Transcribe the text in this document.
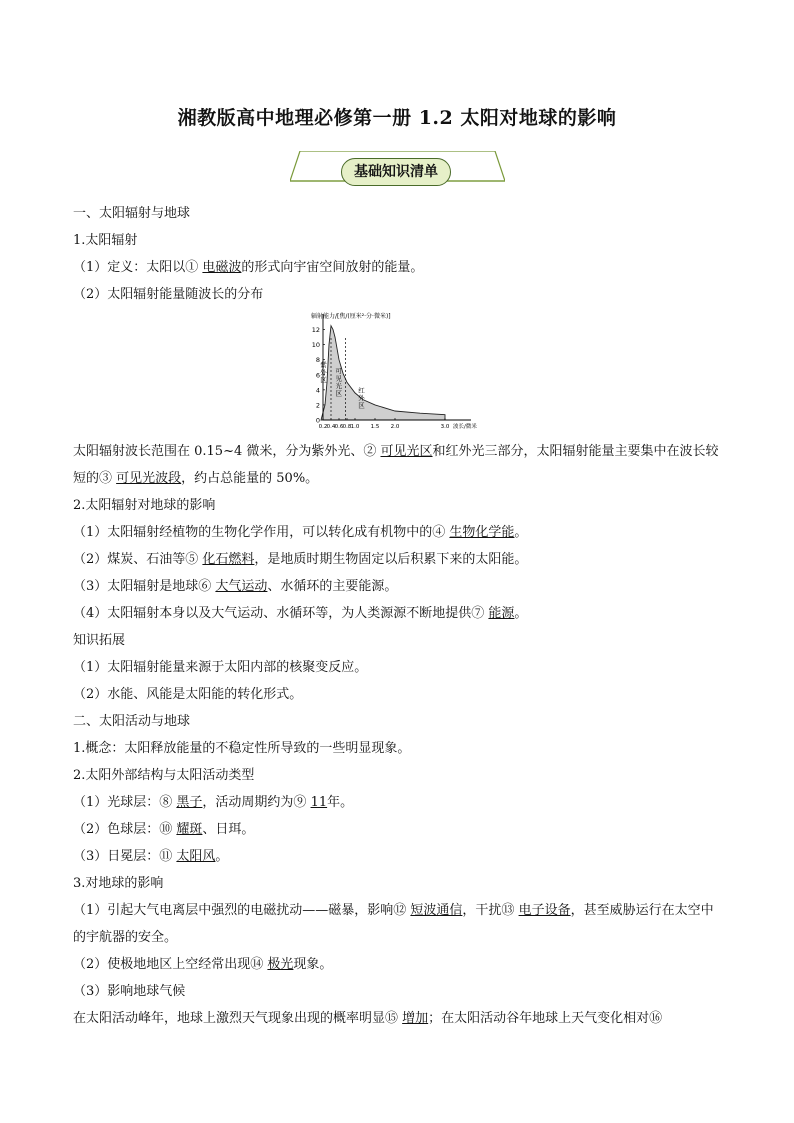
湘教版高中地理必修第一册 1.2 太阳对地球的影响
基础知识清单
一、太阳辐射与地球
1.太阳辐射
（1）定义：太阳以① 电磁波的形式向宇宙空间放射的能量。
（2）太阳辐射能量随波长的分布
0
2
4
6
8
10
12
0.2 0.4 0.6 0.8 1.0 1.5 2.0	3.0
辐射能力/[焦/(厘米²·分·微米)]
波长/微米
紫外区 可见光区
红外区
太阳辐射波长范围在 0.15~4 微米，分为紫外光、② 可见光区和红外光三部分，太阳辐射能量主要集中在波长较短的③ 可见光波段，约占总能量的 50%。
2.太阳辐射对地球的影响
（1）太阳辐射经植物的生物化学作用，可以转化成有机物中的④ 生物化学能。
（2）煤炭、石油等⑤ 化石燃料，是地质时期生物固定以后积累下来的太阳能。
（3）太阳辐射是地球⑥ 大气运动、水循环的主要能源。
（4）太阳辐射本身以及大气运动、水循环等，为人类源源不断地提供⑦ 能源。
知识拓展
（1）太阳辐射能量来源于太阳内部的核聚变反应。
（2）水能、风能是太阳能的转化形式。
二、太阳活动与地球
1.概念：太阳释放能量的不稳定性所导致的一些明显现象。
2.太阳外部结构与太阳活动类型
（1）光球层：⑧ 黑子，活动周期约为⑨ 11年。
（2）色球层：⑩ 耀斑、日珥。
（3）日冕层：⑪ 太阳风。
3.对地球的影响
（1）引起大气电离层中强烈的电磁扰动——磁暴，影响⑫ 短波通信，干扰⑬ 电子设备，甚至威胁运行在太空中的宇航器的安全。
（2）使极地地区上空经常出现⑭ 极光现象。
（3）影响地球气候
在太阳活动峰年，地球上激烈天气现象出现的概率明显⑮ 增加；在太阳活动谷年地球上天气变化相对⑯
